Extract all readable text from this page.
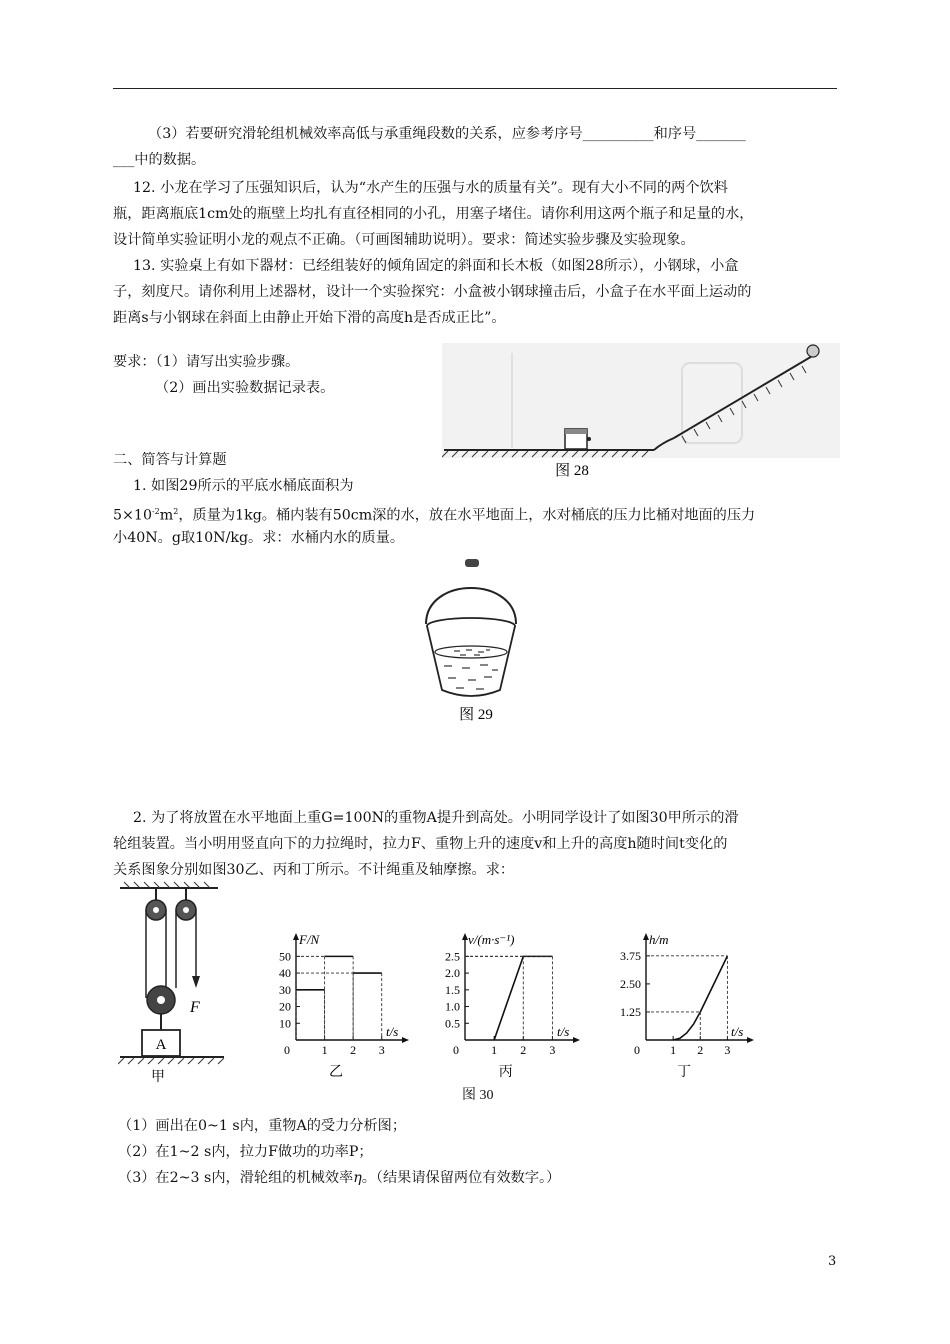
（3）若要研究滑轮组机械效率高低与承重绳段数的关系，应参考序号__________和序号_______
___中的数据。
12. 小龙在学习了压强知识后，认为“水产生的压强与水的质量有关”。现有大小不同的两个饮料
瓶，距离瓶底1cm处的瓶壁上均扎有直径相同的小孔，用塞子堵住。请你利用这两个瓶子和足量的水，
设计简单实验证明小龙的观点不正确。（可画图辅助说明）。要求：简述实验步骤及实验现象。
13. 实验桌上有如下器材：已经组装好的倾角固定的斜面和长木板（如图28所示），小钢球，小盒
子，刻度尺。请你利用上述器材，设计一个实验探究：小盒被小钢球撞击后，小盒子在水平面上运动的
距离s与小钢球在斜面上由静止开始下滑的高度h是否成正比”。
要求：（1）请写出实验步骤。
（2）画出实验数据记录表。
图 28
二、简答与计算题
1. 如图29所示的平底水桶底面积为
$5\times 10^{-2}m^2$，质量为1kg。桶内装有50cm深的水，放在水平地面上，水对桶底的压力比桶对地面的压力
小40N。g取10N/kg。求：水桶内水的质量。
图 29
2. 为了将放置在水平地面上重G=100N的重物A提升到高处。小明同学设计了如图30甲所示的滑
轮组装置。当小明用竖直向下的力拉绳时，拉力F、重物上升的速度v和上升的高度h随时间t变化的
关系图象分别如图30乙、丙和丁所示。不计绳重及轴摩擦。求：
F
A
甲
F/N
t/s
0
10
20
30
40
50
1 2 3
乙
v/(m·s⁻¹)
t/s
0
0.5
1.0
1.5
2.0
2.5
1 2 3
丙
h/m
t/s
0
1.25
2.50
3.75
1 2 3
丁
图 30
（1）画出在0~1 s内，重物A的受力分析图；
（2）在1~2 s内，拉力F做功的功率P；
（3）在2~3 s内，滑轮组的机械效率η。（结果请保留两位有效数字。）
3
